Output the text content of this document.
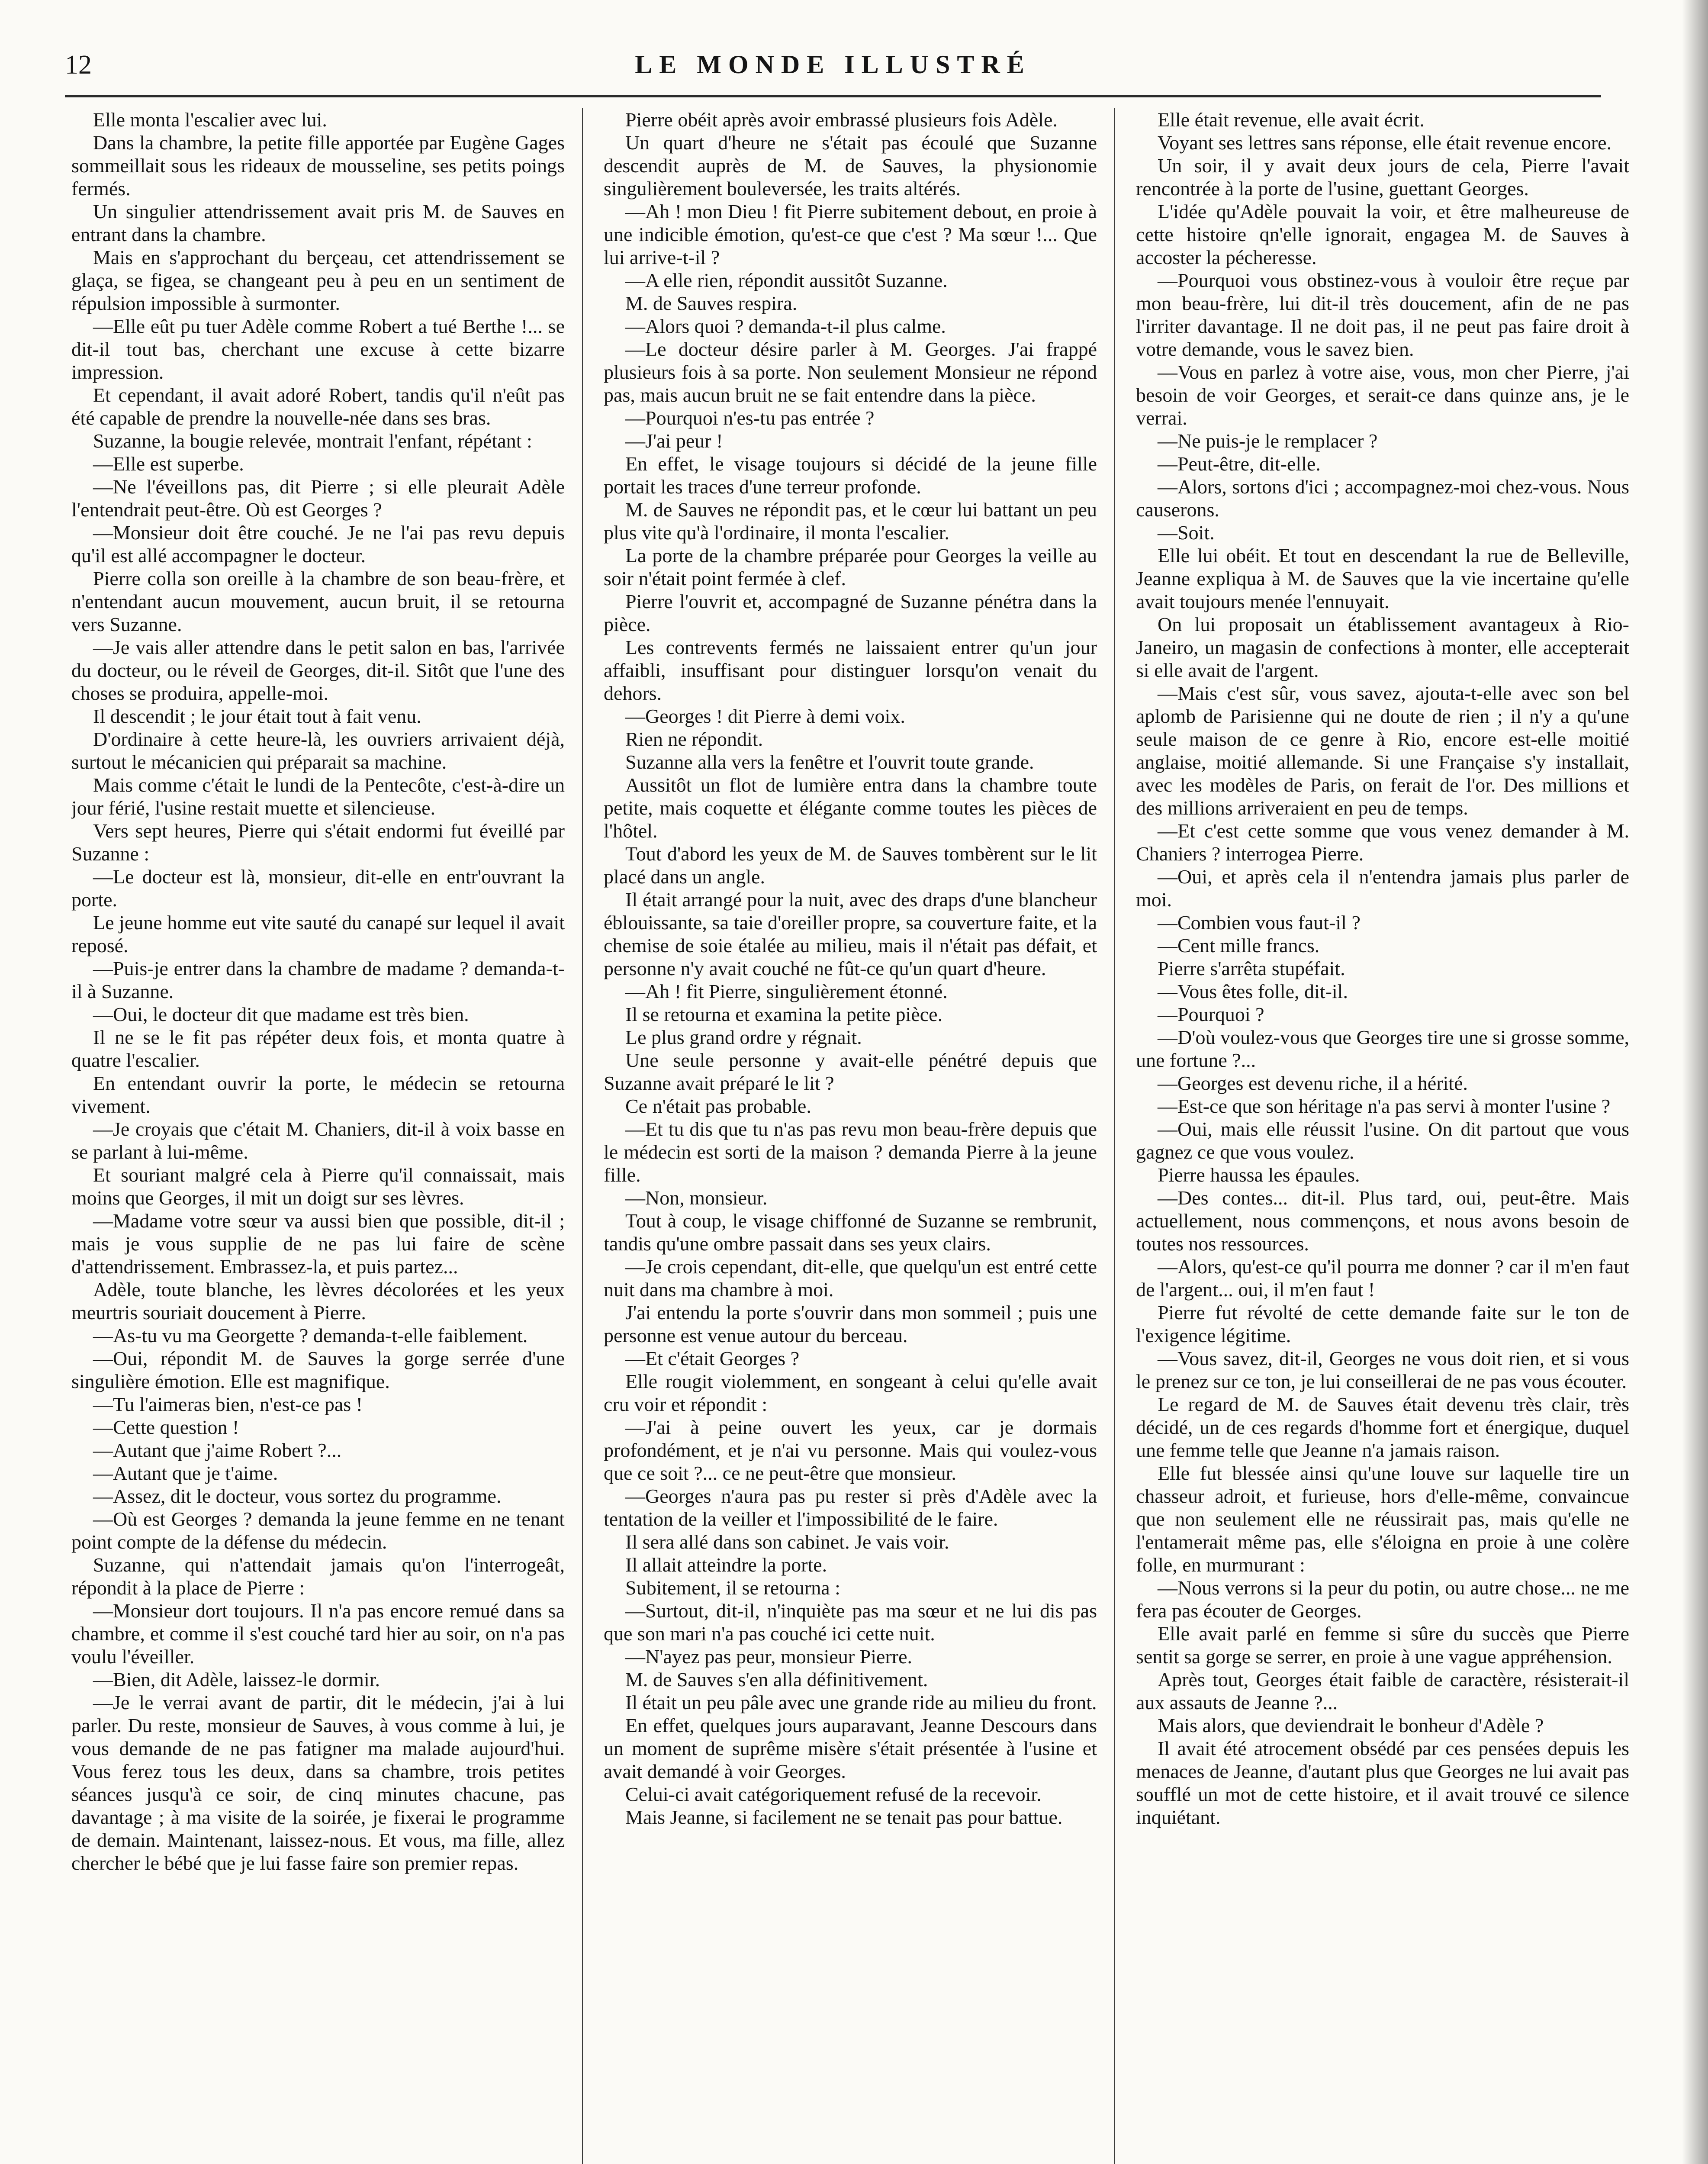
12	LE MONDE ILLUSTRÉ

Elle monta l'escalier avec lui.

Dans la chambre, la petite fille apportée par Eugène Gages sommeillait sous les rideaux de mousseline, ses petits poings fermés.

Un singulier attendrissement avait pris M. de Sauves en entrant dans la chambre.

Mais en s'approchant du berçeau, cet attendrissement se glaça, se figea, se changeant peu à peu en un sentiment de répulsion impossible à surmonter.

—Elle eût pu tuer Adèle comme Robert a tué Berthe !... se dit-il tout bas, cherchant une excuse à cette bizarre impression.

Et cependant, il avait adoré Robert, tandis qu'il n'eût pas été capable de prendre la nouvelle-née dans ses bras.

Suzanne, la bougie relevée, montrait l'enfant, répétant :

—Elle est superbe.

—Ne l'éveillons pas, dit Pierre ; si elle pleurait Adèle l'entendrait peut-être. Où est Georges ?

—Monsieur doit être couché. Je ne l'ai pas revu depuis qu'il est allé accompagner le docteur.

Pierre colla son oreille à la chambre de son beau-frère, et n'entendant aucun mouvement, aucun bruit, il se retourna vers Suzanne.

—Je vais aller attendre dans le petit salon en bas, l'arrivée du docteur, ou le réveil de Georges, dit-il. Sitôt que l'une des choses se produira, appelle-moi.

Il descendit ; le jour était tout à fait venu.

D'ordinaire à cette heure-là, les ouvriers arrivaient déjà, surtout le mécanicien qui préparait sa machine.

Mais comme c'était le lundi de la Pentecôte, c'est-à-dire un jour férié, l'usine restait muette et silencieuse.

Vers sept heures, Pierre qui s'était endormi fut éveillé par Suzanne :

—Le docteur est là, monsieur, dit-elle en entr'ouvrant la porte.

Le jeune homme eut vite sauté du canapé sur lequel il avait reposé.

—Puis-je entrer dans la chambre de madame ? demanda-t-il à Suzanne.

—Oui, le docteur dit que madame est très bien.

Il ne se le fit pas répéter deux fois, et monta quatre à quatre l'escalier.

En entendant ouvrir la porte, le médecin se retourna vivement.

—Je croyais que c'était M. Chaniers, dit-il à voix basse en se parlant à lui-même.

Et souriant malgré cela à Pierre qu'il connaissait, mais moins que Georges, il mit un doigt sur ses lèvres.

—Madame votre sœur va aussi bien que possible, dit-il ; mais je vous supplie de ne pas lui faire de scène d'attendrissement. Embrassez-la, et puis partez...

Adèle, toute blanche, les lèvres décolorées et les yeux meurtris souriait doucement à Pierre.

—As-tu vu ma Georgette ? demanda-t-elle faiblement.

—Oui, répondit M. de Sauves la gorge serrée d'une singulière émotion. Elle est magnifique.

—Tu l'aimeras bien, n'est-ce pas !

—Cette question !

—Autant que j'aime Robert ?...

—Autant que je t'aime.

—Assez, dit le docteur, vous sortez du programme.

—Où est Georges ? demanda la jeune femme en ne tenant point compte de la défense du médecin.

Suzanne, qui n'attendait jamais qu'on l'interrogeât, répondit à la place de Pierre :

—Monsieur dort toujours. Il n'a pas encore remué dans sa chambre, et comme il s'est couché tard hier au soir, on n'a pas voulu l'éveiller.

—Bien, dit Adèle, laissez-le dormir.

—Je le verrai avant de partir, dit le médecin, j'ai à lui parler. Du reste, monsieur de Sauves, à vous comme à lui, je vous demande de ne pas fatigner ma malade aujourd'hui. Vous ferez tous les deux, dans sa chambre, trois petites séances jusqu'à ce soir, de cinq minutes chacune, pas davantage ; à ma visite de la soirée, je fixerai le programme de demain. Maintenant, laissez-nous. Et vous, ma fille, allez chercher le bébé que je lui fasse faire son premier repas.

Pierre obéit après avoir embrassé plusieurs fois Adèle.

Un quart d'heure ne s'était pas écoulé que Suzanne descendit auprès de M. de Sauves, la physionomie singulièrement bouleversée, les traits altérés.

—Ah ! mon Dieu ! fit Pierre subitement debout, en proie à une indicible émotion, qu'est-ce que c'est ? Ma sœur !... Que lui arrive-t-il ?

—A elle rien, répondit aussitôt Suzanne.

M. de Sauves respira.

—Alors quoi ? demanda-t-il plus calme.

—Le docteur désire parler à M. Georges. J'ai frappé plusieurs fois à sa porte. Non seulement Monsieur ne répond pas, mais aucun bruit ne se fait entendre dans la pièce.

—Pourquoi n'es-tu pas entrée ?

—J'ai peur !

En effet, le visage toujours si décidé de la jeune fille portait les traces d'une terreur profonde.

M. de Sauves ne répondit pas, et le cœur lui battant un peu plus vite qu'à l'ordinaire, il monta l'escalier.

La porte de la chambre préparée pour Georges la veille au soir n'était point fermée à clef.

Pierre l'ouvrit et, accompagné de Suzanne pénétra dans la pièce.

Les contrevents fermés ne laissaient entrer qu'un jour affaibli, insuffisant pour distinguer lorsqu'on venait du dehors.

—Georges ! dit Pierre à demi voix.

Rien ne répondit.

Suzanne alla vers la fenêtre et l'ouvrit toute grande.

Aussitôt un flot de lumière entra dans la chambre toute petite, mais coquette et élégante comme toutes les pièces de l'hôtel.

Tout d'abord les yeux de M. de Sauves tombèrent sur le lit placé dans un angle.

Il était arrangé pour la nuit, avec des draps d'une blancheur éblouissante, sa taie d'oreiller propre, sa couverture faite, et la chemise de soie étalée au milieu, mais il n'était pas défait, et personne n'y avait couché ne fût-ce qu'un quart d'heure.

—Ah ! fit Pierre, singulièrement étonné.

Il se retourna et examina la petite pièce.

Le plus grand ordre y régnait.

Une seule personne y avait-elle pénétré depuis que Suzanne avait préparé le lit ?

Ce n'était pas probable.

—Et tu dis que tu n'as pas revu mon beau-frère depuis que le médecin est sorti de la maison ? demanda Pierre à la jeune fille.

—Non, monsieur.

Tout à coup, le visage chiffonné de Suzanne se rembrunit, tandis qu'une ombre passait dans ses yeux clairs.

—Je crois cependant, dit-elle, que quelqu'un est entré cette nuit dans ma chambre à moi.

J'ai entendu la porte s'ouvrir dans mon sommeil ; puis une personne est venue autour du berceau.

—Et c'était Georges ?

Elle rougit violemment, en songeant à celui qu'elle avait cru voir et répondit :

—J'ai à peine ouvert les yeux, car je dormais profondément, et je n'ai vu personne. Mais qui voulez-vous que ce soit ?... ce ne peut-être que monsieur.

—Georges n'aura pas pu rester si près d'Adèle avec la tentation de la veiller et l'impossibilité de le faire.

Il sera allé dans son cabinet. Je vais voir.

Il allait atteindre la porte.

Subitement, il se retourna :

—Surtout, dit-il, n'inquiète pas ma sœur et ne lui dis pas que son mari n'a pas couché ici cette nuit.

—N'ayez pas peur, monsieur Pierre.

M. de Sauves s'en alla définitivement.

Il était un peu pâle avec une grande ride au milieu du front.

En effet, quelques jours auparavant, Jeanne Descours dans un moment de suprême misère s'était présentée à l'usine et avait demandé à voir Georges.

Celui-ci avait catégoriquement refusé de la recevoir.

Mais Jeanne, si facilement ne se tenait pas pour battue.

Elle était revenue, elle avait écrit.

Voyant ses lettres sans réponse, elle était revenue encore.

Un soir, il y avait deux jours de cela, Pierre l'avait rencontrée à la porte de l'usine, guettant Georges.

L'idée qu'Adèle pouvait la voir, et être malheureuse de cette histoire qn'elle ignorait, engagea M. de Sauves à accoster la pécheresse.

—Pourquoi vous obstinez-vous à vouloir être reçue par mon beau-frère, lui dit-il très doucement, afin de ne pas l'irriter davantage. Il ne doit pas, il ne peut pas faire droit à votre demande, vous le savez bien.

—Vous en parlez à votre aise, vous, mon cher Pierre, j'ai besoin de voir Georges, et serait-ce dans quinze ans, je le verrai.

—Ne puis-je le remplacer ?

—Peut-être, dit-elle.

—Alors, sortons d'ici ; accompagnez-moi chez-vous. Nous causerons.

—Soit.

Elle lui obéit. Et tout en descendant la rue de Belleville, Jeanne expliqua à M. de Sauves que la vie incertaine qu'elle avait toujours menée l'ennuyait.

On lui proposait un établissement avantageux à Rio-Janeiro, un magasin de confections à monter, elle accepterait si elle avait de l'argent.

—Mais c'est sûr, vous savez, ajouta-t-elle avec son bel aplomb de Parisienne qui ne doute de rien ; il n'y a qu'une seule maison de ce genre à Rio, encore est-elle moitié anglaise, moitié allemande. Si une Française s'y installait, avec les modèles de Paris, on ferait de l'or. Des millions et des millions arriveraient en peu de temps.

—Et c'est cette somme que vous venez demander à M. Chaniers ? interrogea Pierre.

—Oui, et après cela il n'entendra jamais plus parler de moi.

—Combien vous faut-il ?

—Cent mille francs.

Pierre s'arrêta stupéfait.

—Vous êtes folle, dit-il.

—Pourquoi ?

—D'où voulez-vous que Georges tire une si grosse somme, une fortune ?...

—Georges est devenu riche, il a hérité.

—Est-ce que son héritage n'a pas servi à monter l'usine ?

—Oui, mais elle réussit l'usine. On dit partout que vous gagnez ce que vous voulez.

Pierre haussa les épaules.

—Des contes... dit-il. Plus tard, oui, peut-être. Mais actuellement, nous commençons, et nous avons besoin de toutes nos ressources.

—Alors, qu'est-ce qu'il pourra me donner ? car il m'en faut de l'argent... oui, il m'en faut !

Pierre fut révolté de cette demande faite sur le ton de l'exigence légitime.

—Vous savez, dit-il, Georges ne vous doit rien, et si vous le prenez sur ce ton, je lui conseillerai de ne pas vous écouter.

Le regard de M. de Sauves était devenu très clair, très décidé, un de ces regards d'homme fort et énergique, duquel une femme telle que Jeanne n'a jamais raison.

Elle fut blessée ainsi qu'une louve sur laquelle tire un chasseur adroit, et furieuse, hors d'elle-même, convaincue que non seulement elle ne réussirait pas, mais qu'elle ne l'entamerait même pas, elle s'éloigna en proie à une colère folle, en murmurant :

—Nous verrons si la peur du potin, ou autre chose... ne me fera pas écouter de Georges.

Elle avait parlé en femme si sûre du succès que Pierre sentit sa gorge se serrer, en proie à une vague appréhension.

Après tout, Georges était faible de caractère, résisterait-il aux assauts de Jeanne ?...

Mais alors, que deviendrait le bonheur d'Adèle ?

Il avait été atrocement obsédé par ces pensées depuis les menaces de Jeanne, d'autant plus que Georges ne lui avait pas soufflé un mot de cette histoire, et il avait trouvé ce silence inquiétant.
